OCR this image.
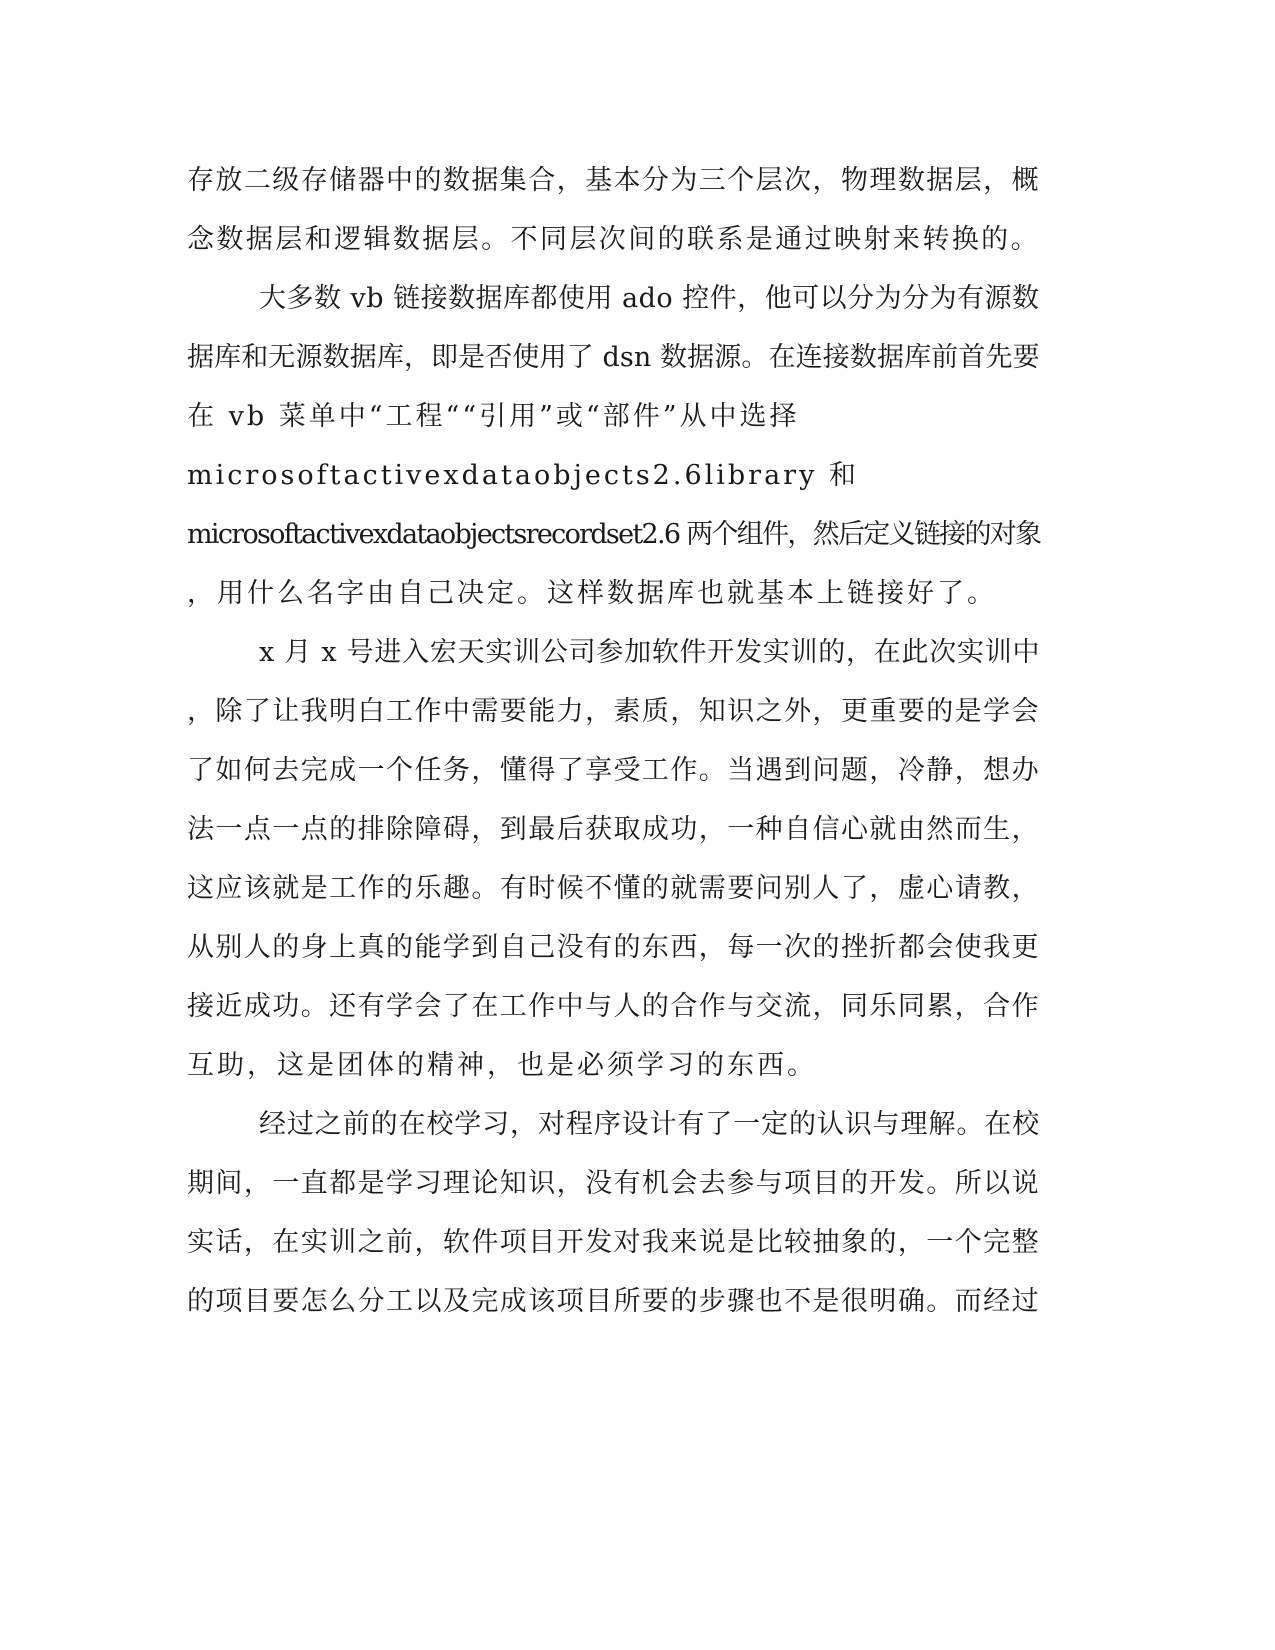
存放二级存储器中的数据集合，基本分为三个层次，物理数据层，概
念数据层和逻辑数据层。不同层次间的联系是通过映射来转换的。
大多数 vb 链接数据库都使用 ado 控件，他可以分为分为有源数
据库和无源数据库，即是否使用了 dsn 数据源。在连接数据库前首先要
在 vb 菜单中“工程““引用”或“部件”从中选择
microsoftactivexdataobjects2.6library 和
microsoftactivexdataobjectsrecordset2.6 两个组件，然后定义链接的对象
，用什么名字由自己决定。这样数据库也就基本上链接好了。
x 月 x 号进入宏天实训公司参加软件开发实训的，在此次实训中
，除了让我明白工作中需要能力，素质，知识之外，更重要的是学会
了如何去完成一个任务，懂得了享受工作。当遇到问题，冷静，想办
法一点一点的排除障碍，到最后获取成功，一种自信心就由然而生，
这应该就是工作的乐趣。有时候不懂的就需要问别人了，虚心请教，
从别人的身上真的能学到自己没有的东西，每一次的挫折都会使我更
接近成功。还有学会了在工作中与人的合作与交流，同乐同累，合作
互助，这是团体的精神，也是必须学习的东西。
经过之前的在校学习，对程序设计有了一定的认识与理解。在校
期间，一直都是学习理论知识，没有机会去参与项目的开发。所以说
实话，在实训之前，软件项目开发对我来说是比较抽象的，一个完整
的项目要怎么分工以及完成该项目所要的步骤也不是很明确。而经过
